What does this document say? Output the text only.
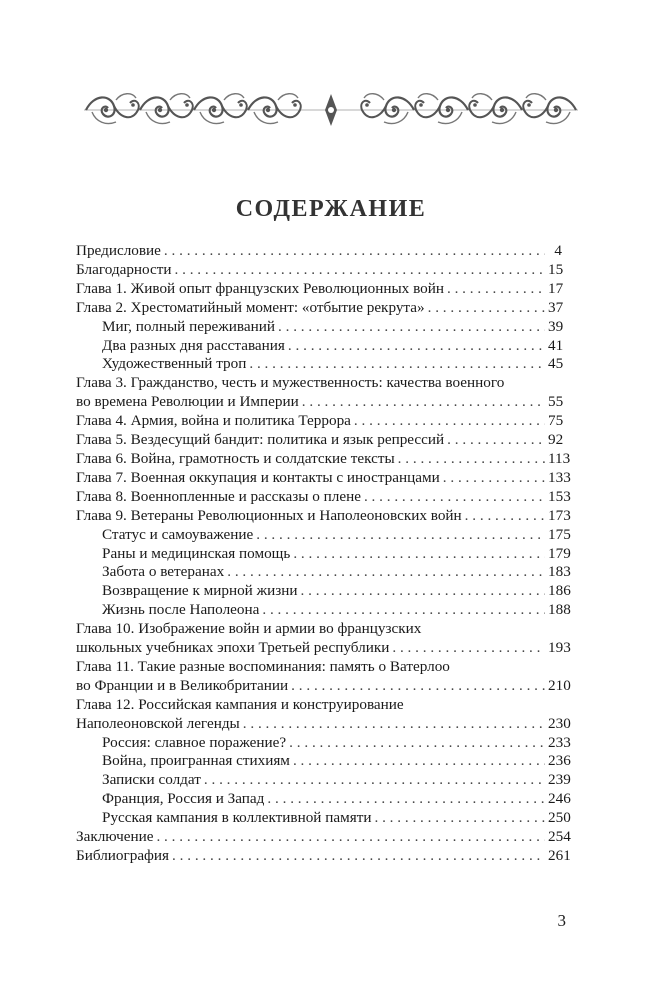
СОДЕРЖАНИЕ
Предисловие . . .	4
Благодарности . . .	15
Глава 1. Живой опыт французских Революционных войн . . .	17
Глава 2. Хрестоматийный момент: «отбытие рекрута» . . .	37
Миг, полный переживаний . . .	39
Два разных дня расставания . . .	41
Художественный троп . . .	45
Глава 3. Гражданство, честь и мужественность: качества военного
во времена Революции и Империи . . .	55
Глава 4. Армия, война и политика Террора . . .	75
Глава 5. Вездесущий бандит: политика и язык репрессий . . .	92
Глава 6. Война, грамотность и солдатские тексты . . .	113
Глава 7. Военная оккупация и контакты с иностранцами . . .	133
Глава 8. Военнопленные и рассказы о плене . . .	153
Глава 9. Ветераны Революционных и Наполеоновских войн . . .	173
Статус и самоуважение . . .	175
Раны и медицинская помощь . . .	179
Забота о ветеранах . . .	183
Возвращение к мирной жизни . . .	186
Жизнь после Наполеона . . .	188
Глава 10. Изображение войн и армии во французских
школьных учебниках эпохи Третьей республики . . .	193
Глава 11. Такие разные воспоминания: память о Ватерлоо
во Франции и в Великобритании . . .	210
Глава 12. Российская кампания и конструирование
Наполеоновской легенды . . .	230
Россия: славное поражение? . . .	233
Война, проигранная стихиям . . .	236
Записки солдат . . .	239
Франция, Россия и Запад . . .	246
Русская кампания в коллективной памяти . . .	250
Заключение . . .	254
Библиография . . .	261
3
